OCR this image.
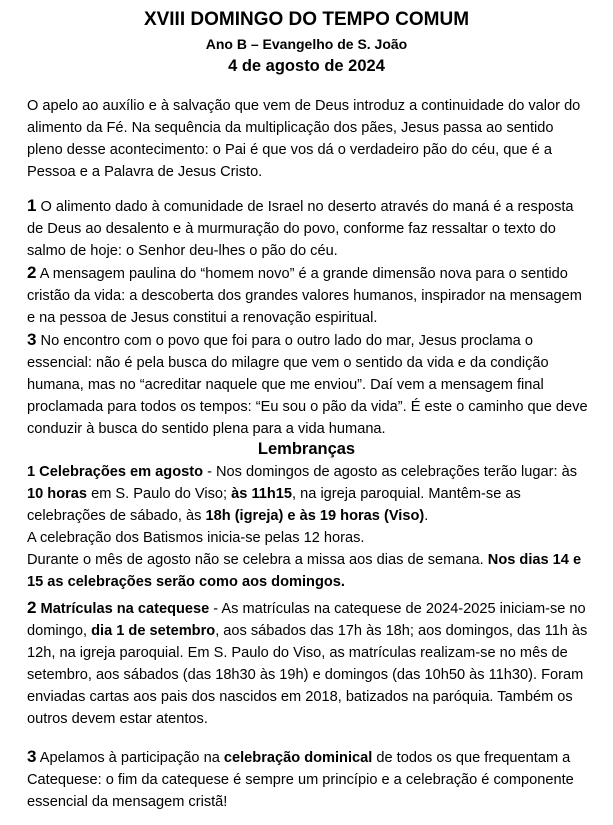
XVIII DOMINGO DO TEMPO COMUM
Ano B – Evangelho de S. João
4 de agosto de 2024

O apelo ao auxílio e à salvação que vem de Deus introduz a continuidade do valor do alimento da Fé. Na sequência da multiplicação dos pães, Jesus passa ao sentido pleno desse acontecimento: o Pai é que vos dá o verdadeiro pão do céu, que é a Pessoa e a Palavra de Jesus Cristo.

1 O alimento dado à comunidade de Israel no deserto através do maná é a resposta de Deus ao desalento e à murmuração do povo, conforme faz ressaltar o texto do salmo de hoje: o Senhor deu-lhes o pão do céu.

2 A mensagem paulina do “homem novo” é a grande dimensão nova para o sentido cristão da vida: a descoberta dos grandes valores humanos, inspirador na mensagem e na pessoa de Jesus constitui a renovação espiritual.

3 No encontro com o povo que foi para o outro lado do mar, Jesus proclama o essencial: não é pela busca do milagre que vem o sentido da vida e da condição humana, mas no “acreditar naquele que me enviou”. Daí vem a mensagem final proclamada para todos os tempos: “Eu sou o pão da vida”. É este o caminho que deve conduzir à busca do sentido plena para a vida humana.

Lembranças

1 Celebrações em agosto - Nos domingos de agosto as celebrações terão lugar: às 10 horas em S. Paulo do Viso; às 11h15, na igreja paroquial. Mantêm-se as celebrações de sábado, às 18h (igreja) e às 19 horas (Viso).

A celebração dos Batismos inicia-se pelas 12 horas.

Durante o mês de agosto não se celebra a missa aos dias de semana. Nos dias 14 e 15 as celebrações serão como aos domingos.

2 Matrículas na catequese - As matrículas na catequese de 2024-2025 iniciam-se no domingo, dia 1 de setembro, aos sábados das 17h às 18h; aos domingos, das 11h às 12h, na igreja paroquial. Em S. Paulo do Viso, as matrículas realizam-se no mês de setembro, aos sábados (das 18h30 às 19h) e domingos (das 10h50 às 11h30). Foram enviadas cartas aos pais dos nascidos em 2018, batizados na paróquia. Também os outros devem estar atentos.

3 Apelamos à participação na celebração dominical de todos os que frequentam a Catequese: o fim da catequese é sempre um princípio e a celebração é componente essencial da mensagem cristã!
